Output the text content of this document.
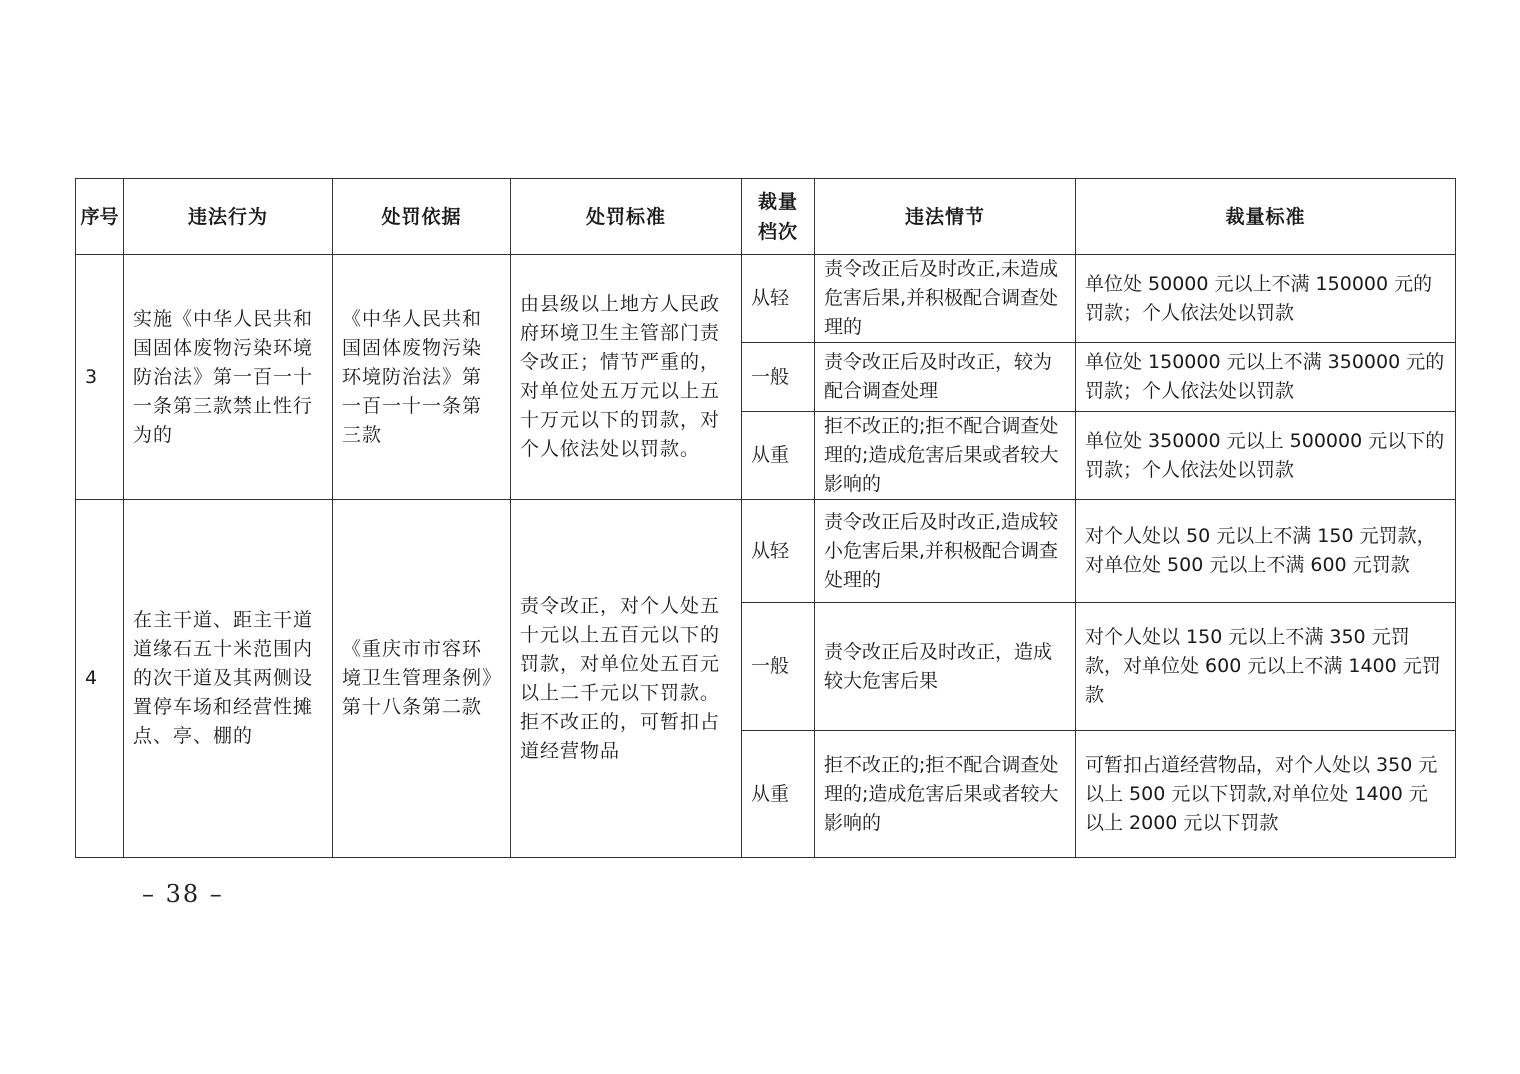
序号	违法行为	处罚依据	处罚标准	裁量档次	违法情节	裁量标准
3	实施《中华人民共和国固体废物污染环境防治法》第一百一十一条第三款禁止性行为的	《中华人民共和国固体废物污染环境防治法》第一百一十一条第三款	由县级以上地方人民政府环境卫生主管部门责令改正；情节严重的，对单位处五万元以上五十万元以下的罚款，对个人依法处以罚款。	从轻	责令改正后及时改正,未造成危害后果,并积极配合调查处理的	单位处 50000 元以上不满 150000 元的罚款；个人依法处以罚款
				一般	责令改正后及时改正，较为配合调查处理	单位处 150000 元以上不满 350000 元的罚款；个人依法处以罚款
				从重	拒不改正的;拒不配合调查处理的;造成危害后果或者较大影响的	单位处 350000 元以上 500000 元以下的罚款；个人依法处以罚款
4	在主干道、距主干道道缘石五十米范围内的次干道及其两侧设置停车场和经营性摊点、亭、棚的	《重庆市市容环境卫生管理条例》第十八条第二款	责令改正，对个人处五十元以上五百元以下的罚款，对单位处五百元以上二千元以下罚款。拒不改正的，可暂扣占道经营物品	从轻	责令改正后及时改正,造成较小危害后果,并积极配合调查处理的	对个人处以 50 元以上不满 150 元罚款，对单位处 500 元以上不满 600 元罚款
				一般	责令改正后及时改正，造成较大危害后果	对个人处以 150 元以上不满 350 元罚款，对单位处 600 元以上不满 1400 元罚款
				从重	拒不改正的;拒不配合调查处理的;造成危害后果或者较大影响的	可暂扣占道经营物品，对个人处以 350 元以上 500 元以下罚款,对单位处 1400 元以上 2000 元以下罚款
– 38 –
